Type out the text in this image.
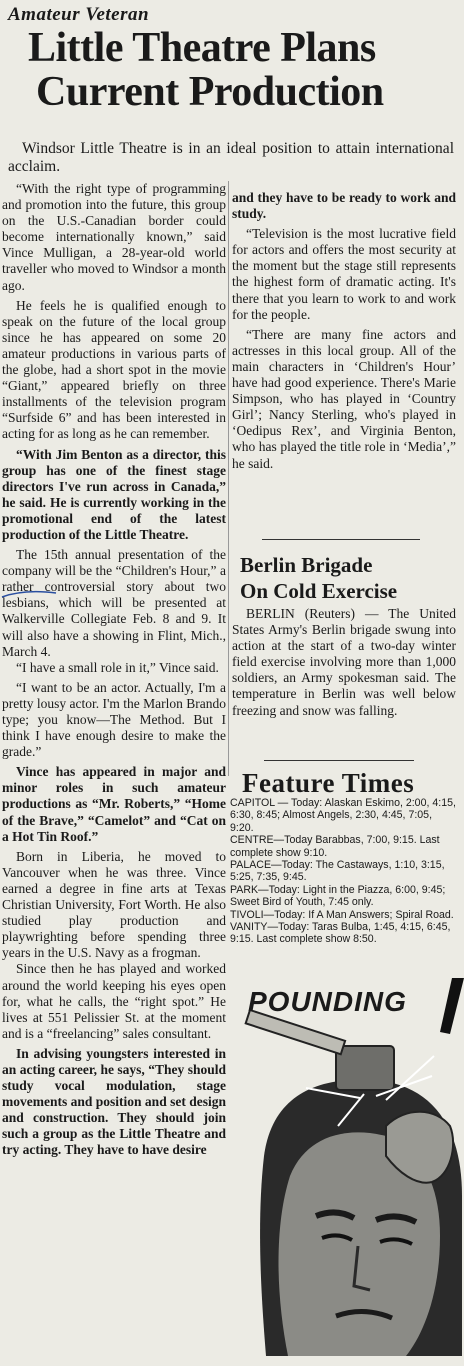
Amateur Veteran
Little Theatre Plans
Current Production

Windsor Little Theatre is in an ideal position to attain international acclaim.

“With the right type of programming and promotion into the future, this group on the U.S.-Canadian border could become internationally known,” said Vince Mulligan, a 28-year-old world traveller who moved to Windsor a month ago.

He feels he is qualified enough to speak on the future of the local group since he has appeared on some 20 amateur productions in various parts of the globe, had a short spot in the movie “Giant,” appeared briefly on three installments of the television program “Surfside 6” and has been interested in acting for as long as he can remember.

“With Jim Benton as a director, this group has one of the finest stage directors I've run across in Canada,” he said. He is currently working in the promotional end of the latest production of the Little Theatre.

The 15th annual presentation of the company will be the “Children's Hour,” a rather controversial story about two lesbians, which will be presented at Walkerville Collegiate Feb. 8 and 9. It will also have a showing in Flint, Mich., March 4.

“I have a small role in it,” Vince said.

“I want to be an actor. Actually, I'm a pretty lousy actor. I'm the Marlon Brando type; you know—The Method. But I think I have enough desire to make the grade.”

Vince has appeared in major and minor roles in such amateur productions as “Mr. Roberts,” “Home of the Brave,” “Camelot” and “Cat on a Hot Tin Roof.”

Born in Liberia, he moved to Vancouver when he was three. Vince earned a degree in fine arts at Texas Christian University, Fort Worth. He also studied play production and playwrighting before spending three years in the U.S. Navy as a frogman.

Since then he has played and worked around the world keeping his eyes open for, what he calls, the “right spot.” He lives at 551 Pelissier St. at the moment and is a “freelancing” sales consultant.

In advising youngsters interested in an acting career, he says, “They should study vocal modulation, stage movements and position and set design and construction. They should join such a group as the Little Theatre and try acting. They have to have desire

and they have to be ready to work and study.

“Television is the most lucrative field for actors and offers the most security at the moment but the stage still represents the highest form of dramatic acting. It's there that you learn to work to and work for the people.

“There are many fine actors and actresses in this local group. All of the main characters in ‘Children's Hour’ have had good experience. There's Marie Simpson, who has played in ‘Country Girl’; Nancy Sterling, who's played in ‘Oedipus Rex’, and Virginia Benton, who has played the title role in ‘Media’,” he said.

Berlin Brigade
On Cold Exercise

BERLIN (Reuters) — The United States Army's Berlin brigade swung into action at the start of a two-day winter field exercise involving more than 1,000 soldiers, an Army spokesman said. The temperature in Berlin was well below freezing and snow was falling.

Feature Times
CAPITOL — Today: Alaskan Eskimo, 2:00, 4:15, 6:30, 8:45; Almost Angels, 2:30, 4:45, 7:05, 9:20.
CENTRE—Today Barabbas, 7:00, 9:15. Last complete show 9:10.
PALACE—Today: The Castaways, 1:10, 3:15, 5:25, 7:35, 9:45.
PARK—Today: Light in the Piazza, 6:00, 9:45; Sweet Bird of Youth, 7:45 only.
TIVOLI—Today: If A Man Answers; Spiral Road.
VANITY—Today: Taras Bulba, 1:45, 4:15, 6:45, 9:15. Last complete show 8:50.
POUNDING
